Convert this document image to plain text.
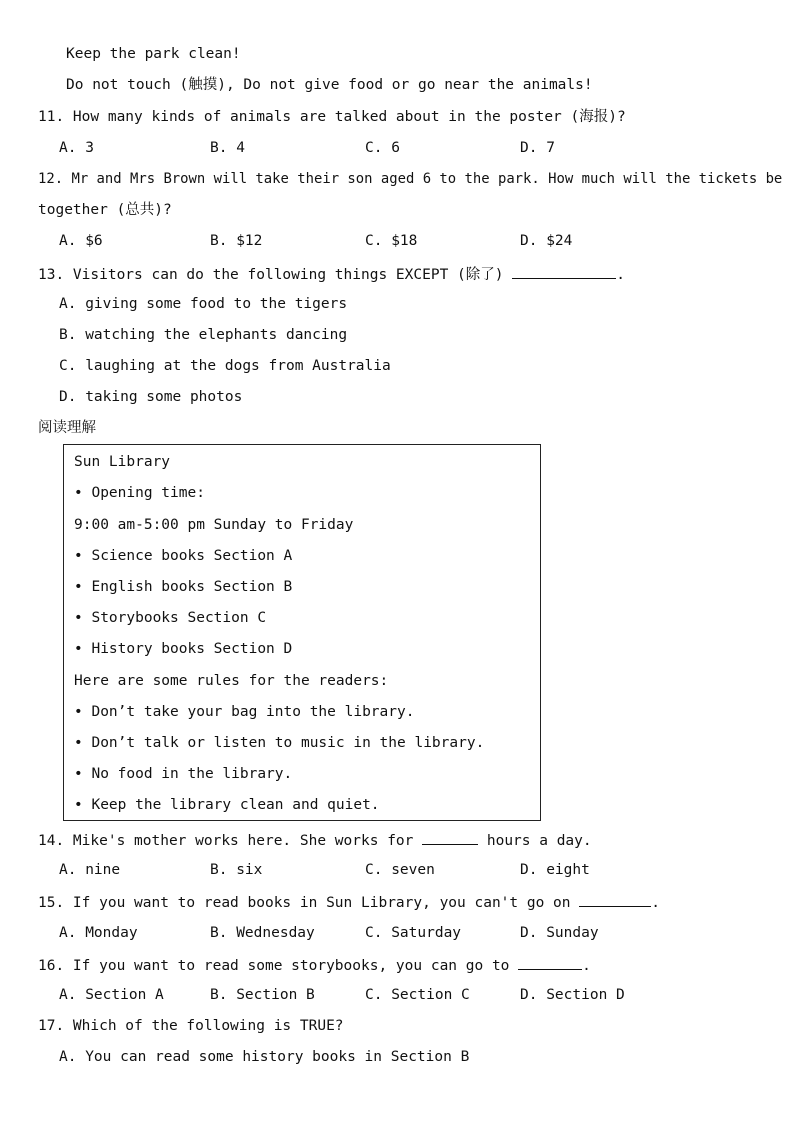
Keep the park clean!
Do not touch (触摸), Do not give food or go near the animals!
11. How many kinds of animals are talked about in the poster (海报)?
A. 3	B. 4	C. 6	D. 7
12. Mr and Mrs Brown will take their son aged 6 to the park. How much will the tickets be
together (总共)?
A. $6	B. $12	C. $18	D. $24
13. Visitors can do the following things EXCEPT (除了)	.
A. giving some food to the tigers
B. watching the elephants dancing
C. laughing at the dogs from Australia
D. taking some photos
阅读理解
Sun Library
• Opening time:
9:00 am-5:00 pm Sunday to Friday
• Science books Section A
• English books Section B
• Storybooks Section C
• History books Section D
Here are some rules for the readers:
• Don’t take your bag into the library.
• Don’t talk or listen to music in the library.
• No food in the library.
• Keep the library clean and quiet.
14. Mike's mother works here. She works for	hours a day.
A. nine	B. six	C. seven	D. eight
15. If you want to read books in Sun Library, you can't go on	.
A. Monday	B. Wednesday	C. Saturday	D. Sunday
16. If you want to read some storybooks, you can go to	.
A. Section A	B. Section B	C. Section C	D. Section D
17. Which of the following is TRUE?
A. You can read some history books in Section B
